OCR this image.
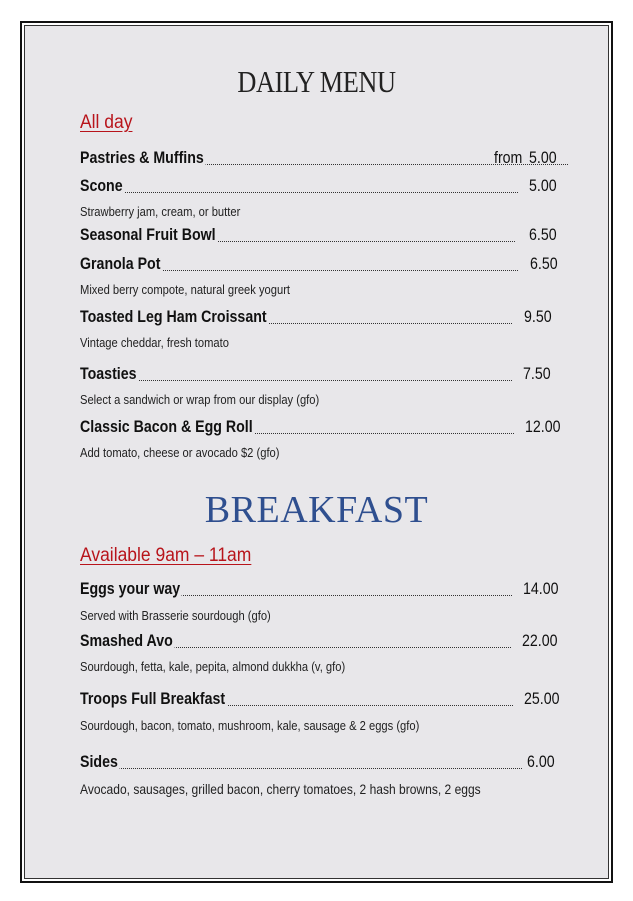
DAILY MENU
All day
Pastries & Muffins	from 5.00
Scone	5.00
Strawberry jam, cream, or butter
Seasonal Fruit Bowl	6.50
Granola Pot	6.50
Mixed berry compote, natural greek yogurt
Toasted Leg Ham Croissant	9.50
Vintage cheddar, fresh tomato
Toasties	7.50
Select a sandwich or wrap from our display (gfo)
Classic Bacon & Egg Roll	12.00
Add tomato, cheese or avocado $2 (gfo)
BREAKFAST
Available 9am – 11am
Eggs your way	14.00
Served with Brasserie sourdough (gfo)
Smashed Avo	22.00
Sourdough, fetta, kale, pepita, almond dukkha (v, gfo)
Troops Full Breakfast	25.00
Sourdough, bacon, tomato, mushroom, kale, sausage & 2 eggs (gfo)
Sides	6.00
Avocado, sausages, grilled bacon, cherry tomatoes, 2 hash browns, 2 eggs
